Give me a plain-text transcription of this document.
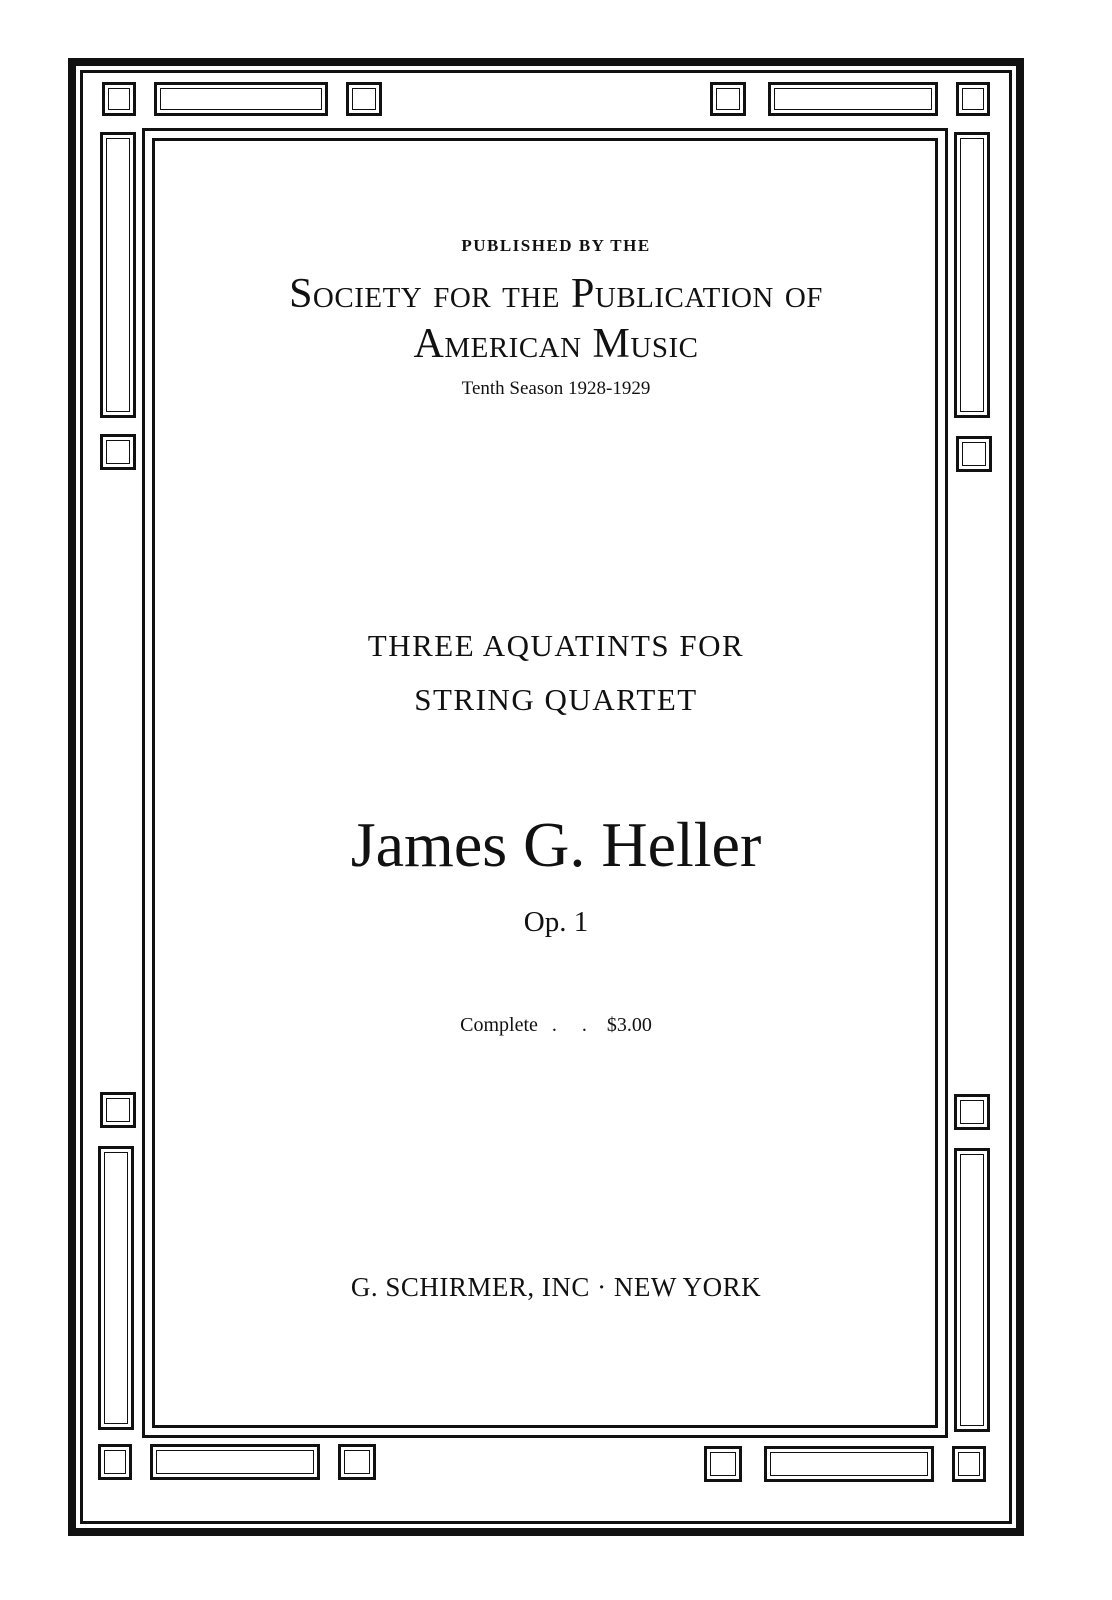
PUBLISHED BY THE
Society for the Publication of
American Music
Tenth Season 1928-1929
THREE AQUATINTS FOR
STRING QUARTET
James G. Heller
Op. 1
Complete . . $3.00
G. SCHIRMER, INC · NEW YORK
